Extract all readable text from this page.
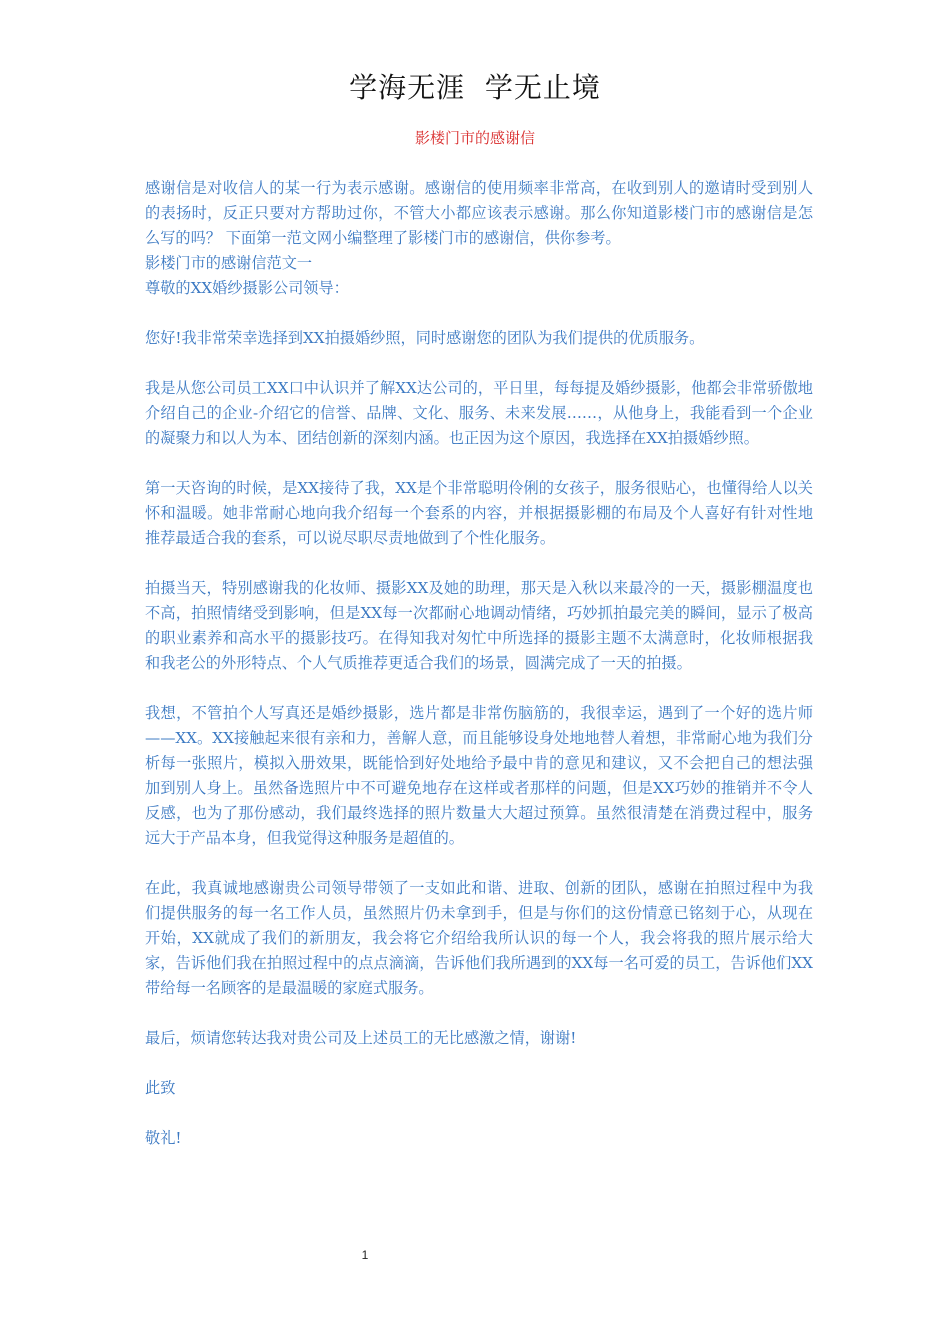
学海无涯  学无止境
影楼门市的感谢信

感谢信是对收信人的某一行为表示感谢。感谢信的使用频率非常高，在收到别人的邀请时受到别人的表扬时，反正只要对方帮助过你，不管大小都应该表示感谢。那么你知道影楼门市的感谢信是怎么写的吗？ 下面第一范文网小编整理了影楼门市的感谢信，供你参考。

影楼门市的感谢信范文一

尊敬的XX婚纱摄影公司领导：

您好!我非常荣幸选择到XX拍摄婚纱照，同时感谢您的团队为我们提供的优质服务。

我是从您公司员工XX口中认识并了解XX达公司的，平日里，每每提及婚纱摄影，他都会非常骄傲地介绍自己的企业-介绍它的信誉、品牌、文化、服务、未来发展……，从他身上，我能看到一个企业的凝聚力和以人为本、团结创新的深刻内涵。也正因为这个原因，我选择在XX拍摄婚纱照。

第一天咨询的时候，是XX接待了我，XX是个非常聪明伶俐的女孩子，服务很贴心，也懂得给人以关怀和温暖。她非常耐心地向我介绍每一个套系的内容，并根据摄影棚的布局及个人喜好有针对性地推荐最适合我的套系，可以说尽职尽责地做到了个性化服务。

拍摄当天，特别感谢我的化妆师、摄影XX及她的助理，那天是入秋以来最冷的一天，摄影棚温度也不高，拍照情绪受到影响，但是XX每一次都耐心地调动情绪，巧妙抓拍最完美的瞬间，显示了极高的职业素养和高水平的摄影技巧。在得知我对匆忙中所选择的摄影主题不太满意时，化妆师根据我和我老公的外形特点、个人气质推荐更适合我们的场景，圆满完成了一天的拍摄。

我想，不管拍个人写真还是婚纱摄影，选片都是非常伤脑筋的，我很幸运，遇到了一个好的选片师——XX。XX接触起来很有亲和力，善解人意，而且能够设身处地地替人着想，非常耐心地为我们分析每一张照片，模拟入册效果，既能恰到好处地给予最中肯的意见和建议，又不会把自己的想法强加到别人身上。虽然备选照片中不可避免地存在这样或者那样的问题，但是XX巧妙的推销并不令人反感，也为了那份感动，我们最终选择的照片数量大大超过预算。虽然很清楚在消费过程中，服务远大于产品本身，但我觉得这种服务是超值的。

在此，我真诚地感谢贵公司领导带领了一支如此和谐、进取、创新的团队，感谢在拍照过程中为我们提供服务的每一名工作人员，虽然照片仍未拿到手，但是与你们的这份情意已铭刻于心，从现在开始，XX就成了我们的新朋友，我会将它介绍给我所认识的每一个人，我会将我的照片展示给大家，告诉他们我在拍照过程中的点点滴滴，告诉他们我所遇到的XX每一名可爱的员工，告诉他们XX带给每一名顾客的是最温暖的家庭式服务。

最后，烦请您转达我对贵公司及上述员工的无比感激之情，谢谢!

此致

敬礼!

1
